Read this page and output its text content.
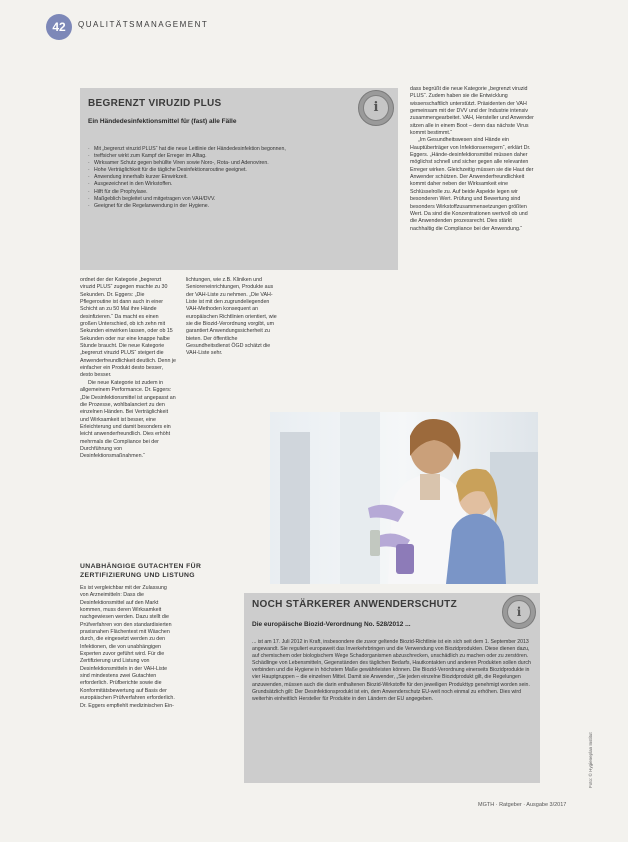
42	QUALITÄTSMANAGEMENT
BEGRENZT VIRUZID PLUS
Ein Händedesinfektionsmittel für (fast) alle Fälle
i
· Mit „begrenzt viruzid PLUS“ hat die neue Leitlinie der Händedesinfektion begonnen,
· treffsicher wirkt zum Kampf der Erreger im Alltag.
· Wirksamer Schutz gegen behüllte Viren sowie Noro-, Rota- und Adenoviren.
· Hohe Verträglichkeit für die tägliche Desinfektionsroutine geeignet.
· Anwendung innerhalb kurzer Einwirkzeit.
· Ausgezeichnet in den Wirkstoffen.
· Hilft für die Prophylaxe.
· Maßgeblich begleitet und mitgetragen von VAH/DVV.
· Geeignet für die Regelanwendung in der Hygiene.

ordnet der der Kategorie „begrenzt viruzid PLUS“ zugegen machte zu 30 Sekunden. Dr. Eggers: „Die Pflegeroutine ist dann auch in einer Schicht an zu 50 Mal ihre Hände desinfizieren.“ Da macht es einen großen Unterschied, ob ich zehn mit Sekunden einwirken lassen, oder ob 15 Sekunden oder nur eine knappe halbe Stunde braucht. Die neue Kategorie „begrenzt viruzid PLUS“ steigert die Anwenderfreundlichkeit deutlich. Denn je einfacher ein Produkt desto besser, desto besser.

Die neue Kategorie ist zudem in allgemeinem Performance. Dr. Eggers: „Die Desinfektionsmittel ist angepasst an die Prozesse, wohlbalanciert zu den einzelnen Händen. Bei Verträglichkeit und Wirksamkeit ist besser, eine Erleichterung und damit besonders ein leicht anwenderfreundlich. Dies erhöht mehrmals die Compliance bei der Durchführung von Desinfektionsmaßnahmen.“

lichtungen, wie z.B. Kliniken und Senioreneinrichtungen, Produkte aus der VAH-Liste zu nehmen. „Die VAH-Liste ist mit den zugrundeliegenden VAH-Methoden konsequent an europäischen Richtlinien orientiert, wie sie die Biozid-Verordnung vorgibt, um garantiert Anwendungssicherheit zu bieten. Der öffentliche Gesundheitsdienst ÖGD schätzt die VAH-Liste sehr.

dass begrüßt die neue Kategorie „begrenzt viruzid PLUS“. Zudem haben sie die Entwicklung wissenschaftlich unterstützt. Präsidenten der VAH gemeinsam mit der DVV und der Industrie intensiv zusammengearbeitet. VAH, Hersteller und Anwender sitzen alle in einem Boot – denn das nächste Virus kommt bestimmt.“

„Im Gesundheitswesen sind Hände ein Hauptüberträger von Infektionserregern“, erklärt Dr. Eggers. „Hände-desinfektionsmittel müssen daher möglichst schnell und sicher gegen alle relevanten Erreger wirken. Gleichzeitig müssen sie die Haut der Anwender schützen. Der Anwenderfreundlichkeit kommt daher neben der Wirksamkeit eine Schlüsselrolle zu. Auf beide Aspekte legen wir besonderen Wert. Prüfung und Bewertung sind besonders Wirkstoffzusammensetzungen größten Wert. Da sind die Konzentrationen wertvoll ob und die Anwendenden prozessrecht. Dies stärkt nachhaltig die Compliance bei der Anwendung.“

UNABHÄNGIGE GUTACHTEN FÜR ZERTIFIZIERUNG UND LISTUNG

Es ist vergleichbar mit der Zulassung von Arzneimitteln: Dass die Desinfektionsmittel auf den Markt kommen, muss deren Wirksamkeit nachgewiesen werden. Dazu stellt die Prüfverfahren von den standardisierten praxisnahen Flächentest mit Wäschen durch, die eingesetzt werden zu den Infektionen, die von unabhängigen Experten zuvor geführt wird. Für die Zertifizierung und Listung von Desinfektionsmitteln in der VAH-Liste sind mindestens zwei Gutachten erforderlich. Prüfberichte sowie die Konformitätsbewertung auf Basis der europäischen Prüfverfahren erforderlich. Dr. Eggers empfiehlt medizinischen Ein-

Foto: © Hygieneplan Institut
NOCH STÄRKERER ANWENDERSCHUTZ
Die europäische Biozid-Verordnung No. 528/2012 ...
i
... ist am 17. Juli 2012 in Kraft, insbesondere die zuvor geltende Biozid-Richtlinie ist ein sich seit dem 1. September 2013 angewandt. Sie reguliert europaweit das Inverkehrbringen und die Verwendung von Biozidprodukten. Diese dienen dazu, auf chemischem oder biologischem Wege Schadorganismen abzuschrecken, unschädlich zu machen oder zu zerstören. Schädlinge von Lebensmitteln, Gegenständen des täglichen Bedarfs, Hautkontakten und anderen Produkten sollen durch verbinden und die Hygiene in höchstem Maße gewährleisten können. Die Biozid-Verordnung einerseits Biozidprodukte in vier Hauptgruppen – die einzelnen Mittel. Damit sie Anwender, „Sie jeden einzelne Biozidprodukt gilt, die Regelungen anzuwenden, müssen auch die darin enthaltenen Biozid-Wirkstoffe für den jeweiligen Produkttyp genehmigt worden sein. Grundsätzlich gilt: Der Desinfektionsprodukt ist ein, dem Anwenderschutz EU-weit noch einmal zu erhöhen. Dies wird weiterhin einheitlich Hersteller für Produkte in den Ländern der EU angegeben.
MGTH · Ratgeber · Ausgabe 3/2017
